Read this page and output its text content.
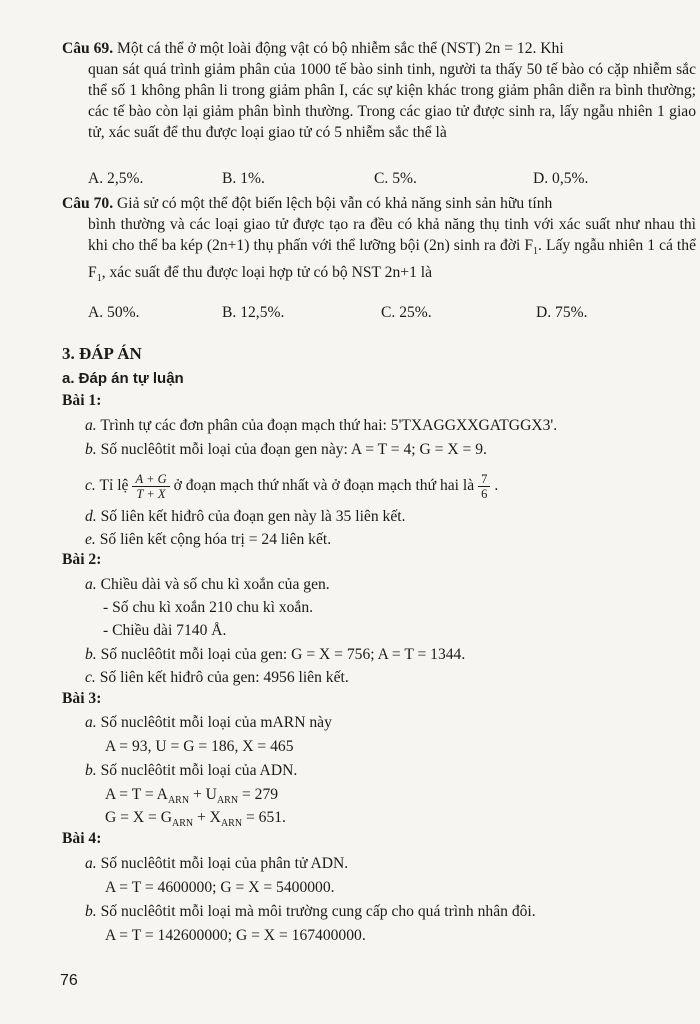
Câu 69. Một cá thể ở một loài động vật có bộ nhiễm sắc thể (NST) 2n = 12. Khi
quan sát quá trình giảm phân của 1000 tế bào sinh tinh, người ta thấy 50 tế bào có cặp nhiễm sắc thể số 1 không phân li trong giảm phân I, các sự kiện khác trong giảm phân diễn ra bình thường; các tế bào còn lại giảm phân bình thường. Trong các giao tử được sinh ra, lấy ngẫu nhiên 1 giao tử, xác suất để thu được loại giao tử có 5 nhiễm sắc thể là
A. 2,5%.	B. 1%.	C. 5%.	D. 0,5%.
Câu 70. Giả sử có một thể đột biến lệch bội vẫn có khả năng sinh sản hữu tính
bình thường và các loại giao tử được tạo ra đều có khả năng thụ tinh với xác suất như nhau thì khi cho thể ba kép (2n+1) thụ phấn với thể lưỡng bội (2n) sinh ra đời $F_1$. Lấy ngẫu nhiên 1 cá thể $F_1$, xác suất để thu được loại hợp tử có bộ NST 2n+1 là
A. 50%.	B. 12,5%.	C. 25%.	D. 75%.
3. ĐÁP ÁN
a. Đáp án tự luận
Bài 1:
a. Trình tự các đơn phân của đoạn mạch thứ hai: 5'TXAGGXXGATGGX3'.
b. Số nuclêôtit mỗi loại của đoạn gen này: A = T = 4; G = X = 9.
c. Tỉ lệ $\frac{A + G}{T + X}$ ở đoạn mạch thứ nhất và ở đoạn mạch thứ hai là $\frac{7}{6}$ .
d. Số liên kết hiđrô của đoạn gen này là 35 liên kết.
e. Số liên kết cộng hóa trị = 24 liên kết.
Bài 2:
a. Chiều dài và số chu kì xoắn của gen.
- Số chu kì xoắn 210 chu kì xoắn.
- Chiều dài 7140 Å.
b. Số nuclêôtit mỗi loại của gen: G = X = 756; A = T = 1344.
c. Số liên kết hiđrô của gen: 4956 liên kết.
Bài 3:
a. Số nuclêôtit mỗi loại của mARN này
A = 93, U = G = 186, X = 465
b. Số nuclêôtit mỗi loại của ADN.
$A = T = A_{ARN} + U_{ARN} = 279$
$G = X = G_{ARN} + X_{ARN} = 651$.
Bài 4:
a. Số nuclêôtit mỗi loại của phân tử ADN.
A = T = 4600000; G = X = 5400000.
b. Số nuclêôtit mỗi loại mà môi trường cung cấp cho quá trình nhân đôi.
A = T = 142600000; G = X = 167400000.
76
